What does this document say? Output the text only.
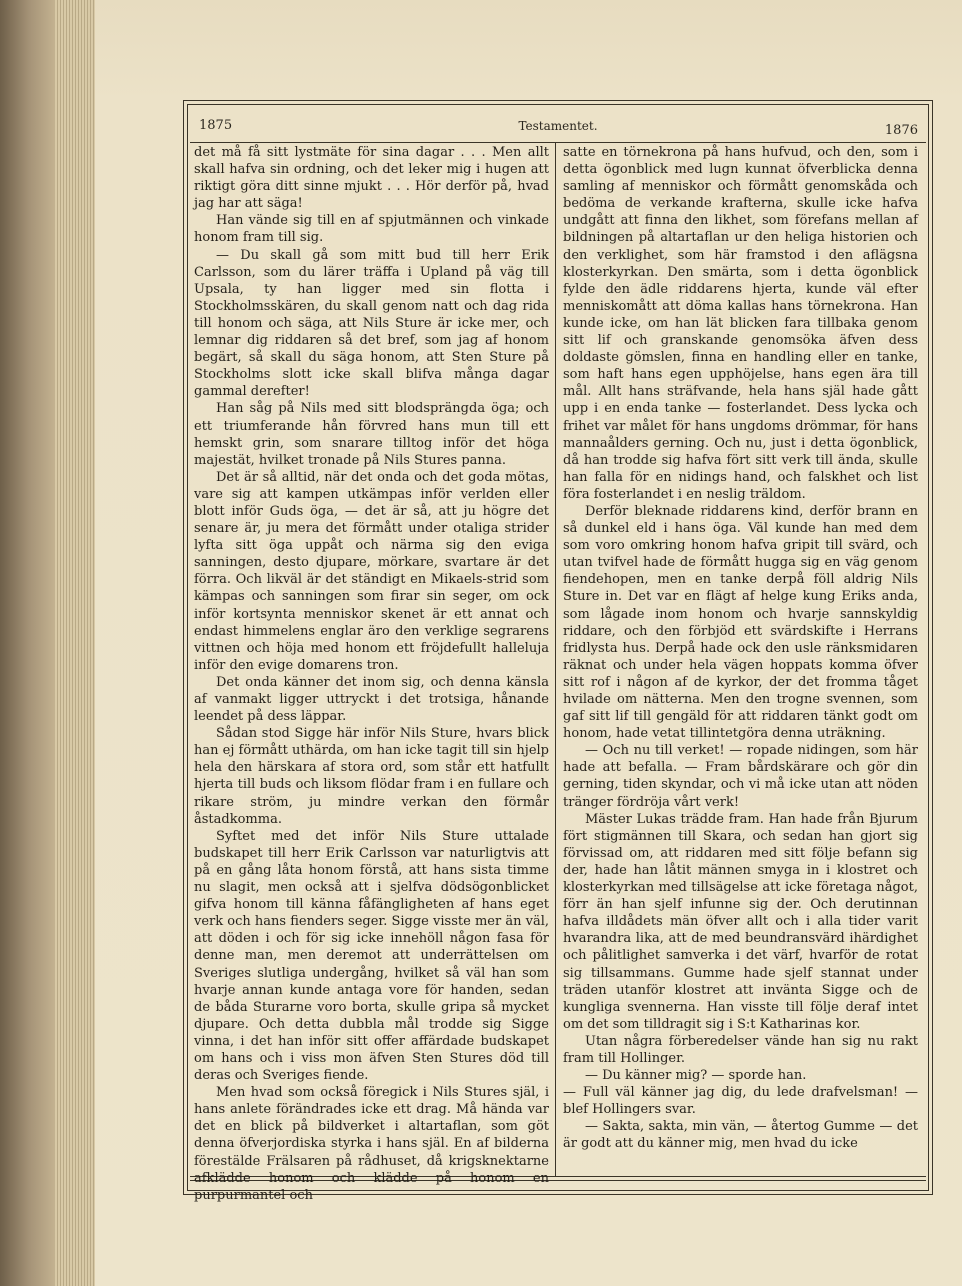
1875	Testamentet.	1876

det må få sitt lystmäte för sina dagar . . . Men allt skall hafva sin ordning, och det leker mig i hugen att riktigt göra ditt sinne mjukt . . . Hör derför på, hvad jag har att säga!

Han vände sig till en af spjutmännen och vinkade honom fram till sig.

— Du skall gå som mitt bud till herr Erik Carlsson, som du lärer träffa i Upland på väg till Upsala, ty han ligger med sin flotta i Stockholmsskären, du skall genom natt och dag rida till honom och säga, att Nils Sture är icke mer, och lemnar dig riddaren så det bref, som jag af honom begärt, så skall du säga honom, att Sten Sture på Stockholms slott icke skall blifva många dagar gammal derefter!

Han såg på Nils med sitt blodsprängda öga; och ett triumferande hån förvred hans mun till ett hemskt grin, som snarare tilltog inför det höga majestät, hvilket tronade på Nils Stures panna.

Det är så alltid, när det onda och det goda mötas, vare sig att kampen utkämpas inför verlden eller blott inför Guds öga, — det är så, att ju högre det senare är, ju mera det förmått under otaliga strider lyfta sitt öga uppåt och närma sig den eviga sanningen, desto djupare, mörkare, svartare är det förra. Och likväl är det ständigt en Mikaels-strid som kämpas och sanningen som firar sin seger, om ock inför kortsynta menniskor skenet är ett annat och endast himmelens englar äro den verklige segrarens vittnen och höja med honom ett fröjdefullt halleluja inför den evige domarens tron.

Det onda känner det inom sig, och denna känsla af vanmakt ligger uttryckt i det trotsiga, hånande leendet på dess läppar.

Sådan stod Sigge här inför Nils Sture, hvars blick han ej förmått uthärda, om han icke tagit till sin hjelp hela den härskara af stora ord, som står ett hatfullt hjerta till buds och liksom flödar fram i en fullare och rikare ström, ju mindre verkan den förmår åstadkomma.

Syftet med det inför Nils Sture uttalade budskapet till herr Erik Carlsson var naturligtvis att på en gång låta honom förstå, att hans sista timme nu slagit, men också att i sjelfva dödsögonblicket gifva honom till känna fåfängligheten af hans eget verk och hans fienders seger. Sigge visste mer än väl, att döden i och för sig icke innehöll någon fasa för denne man, men deremot att underrättelsen om Sveriges slutliga undergång, hvilket så väl han som hvarje annan kunde antaga vore för handen, sedan de båda Sturarne voro borta, skulle gripa så mycket djupare. Och detta dubbla mål trodde sig Sigge vinna, i det han inför sitt offer affärdade budskapet om hans och i viss mon äfven Sten Stures död till deras och Sveriges fiende.

Men hvad som också föregick i Nils Stures själ, i hans anlete förändrades icke ett drag. Må hända var det en blick på bildverket i altartaflan, som göt denna öfverjordiska styrka i hans själ. En af bilderna förestälde Frälsaren på rådhuset, då krigsknektarne afklädde honom och klädde på honom en purpurmantel och

satte en törnekrona på hans hufvud, och den, som i detta ögonblick med lugn kunnat öfverblicka denna samling af menniskor och förmått genomskåda och bedöma de verkande krafterna, skulle icke hafva undgått att finna den likhet, som förefans mellan af bildningen på altartaflan ur den heliga historien och den verklighet, som här framstod i den aflägsna klosterkyrkan. Den smärta, som i detta ögonblick fylde den ädle riddarens hjerta, kunde väl efter menniskomått att döma kallas hans törnekrona. Han kunde icke, om han lät blicken fara tillbaka genom sitt lif och granskande genomsöka äfven dess doldaste gömslen, finna en handling eller en tanke, som haft hans egen upphöjelse, hans egen ära till mål. Allt hans sträfvande, hela hans själ hade gått upp i en enda tanke — fosterlandet. Dess lycka och frihet var målet för hans ungdoms drömmar, för hans mannaålders gerning. Och nu, just i detta ögonblick, då han trodde sig hafva fört sitt verk till ända, skulle han falla för en nidings hand, och falskhet och list föra fosterlandet i en neslig träldom.

Derför bleknade riddarens kind, derför brann en så dunkel eld i hans öga. Väl kunde han med dem som voro omkring honom hafva gripit till svärd, och utan tvifvel hade de förmått hugga sig en väg genom fiendehopen, men en tanke derpå föll aldrig Nils Sture in. Det var en flägt af helge kung Eriks anda, som lågade inom honom och hvarje sannskyldig riddare, och den förbjöd ett svärdskifte i Herrans fridlysta hus. Derpå hade ock den usle ränksmidaren räknat och under hela vägen hoppats komma öfver sitt rof i någon af de kyrkor, der det fromma tåget hvilade om nätterna. Men den trogne svennen, som gaf sitt lif till gengäld för att riddaren tänkt godt om honom, hade vetat tillintetgöra denna uträkning.

— Och nu till verket! — ropade nidingen, som här hade att befalla. — Fram bårdskärare och gör din gerning, tiden skyndar, och vi må icke utan att nöden tränger fördröja vårt verk!

Mäster Lukas trädde fram. Han hade från Bjurum fört stigmännen till Skara, och sedan han gjort sig förvissad om, att riddaren med sitt följe befann sig der, hade han låtit männen smyga in i klostret och klosterkyrkan med tillsägelse att icke företaga något, förr än han sjelf infunne sig der. Och derutinnan hafva illdådets män öfver allt och i alla tider varit hvarandra lika, att de med beundransvärd ihärdighet och pålitlighet samverka i det värf, hvarför de rotat sig tillsammans. Gumme hade sjelf stannat under träden utanför klostret att invänta Sigge och de kungliga svennerna. Han visste till följe deraf intet om det som tilldragit sig i S:t Katharinas kor.

Utan några förberedelser vände han sig nu rakt fram till Hollinger.

— Du känner mig? — sporde han.

— Full väl känner jag dig, du lede drafvelsman! — blef Hollingers svar.

— Sakta, sakta, min vän, — återtog Gumme — det är godt att du känner mig, men hvad du icke
